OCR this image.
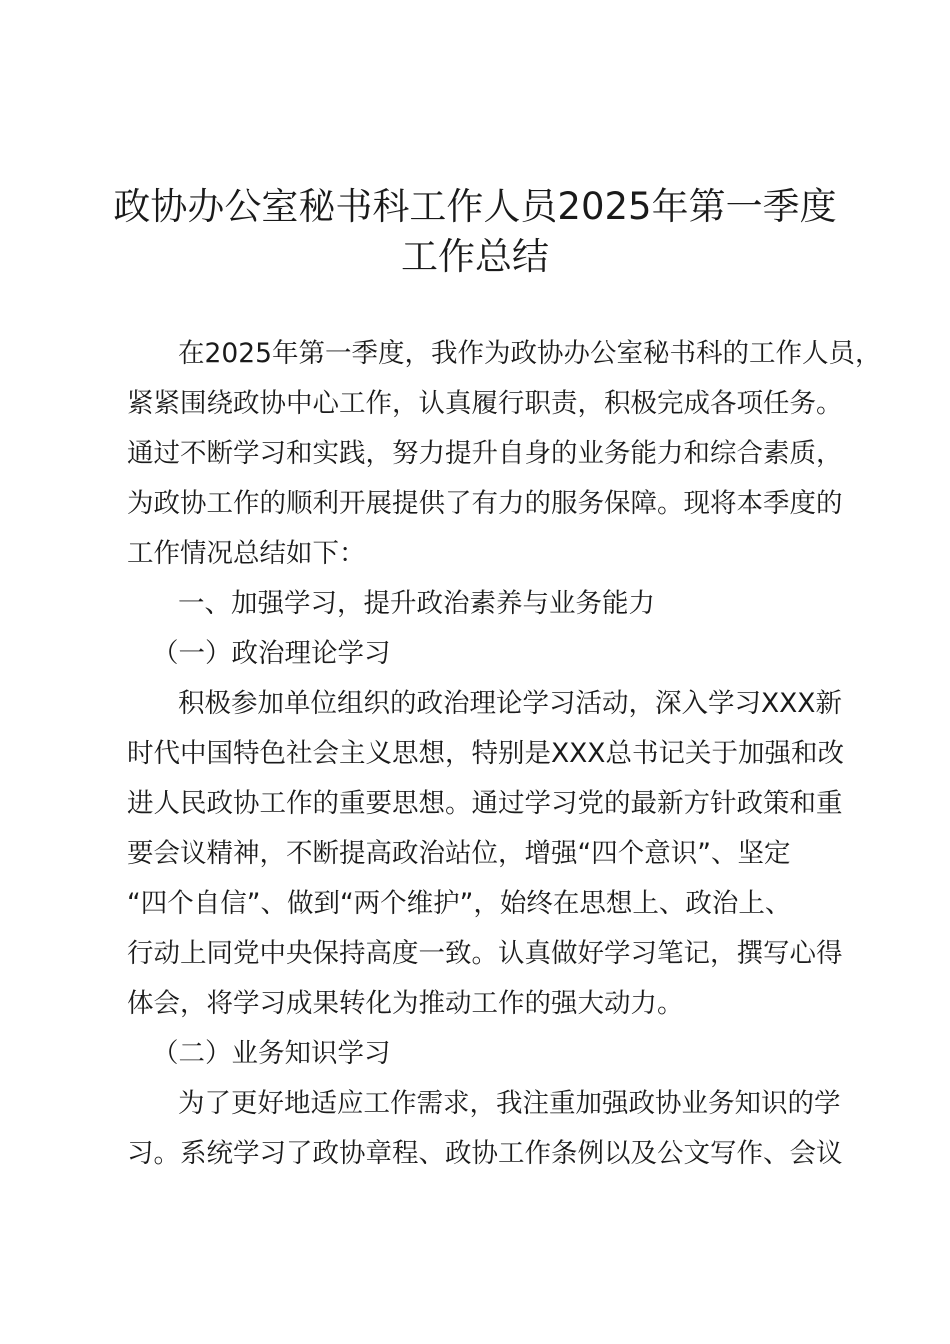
政协办公室秘书科工作人员2025年第一季度
工作总结

在2025年第一季度，我作为政协办公室秘书科的工作人员，

紧紧围绕政协中心工作，认真履行职责，积极完成各项任务。

通过不断学习和实践，努力提升自身的业务能力和综合素质，

为政协工作的顺利开展提供了有力的服务保障。现将本季度的

工作情况总结如下：

一、加强学习，提升政治素养与业务能力

（一）政治理论学习

积极参加单位组织的政治理论学习活动，深入学习XXX新

时代中国特色社会主义思想，特别是XXX总书记关于加强和改

进人民政协工作的重要思想。通过学习党的最新方针政策和重

要会议精神，不断提高政治站位，增强“四个意识”、坚定

“四个自信”、做到“两个维护”，始终在思想上、政治上、

行动上同党中央保持高度一致。认真做好学习笔记，撰写心得

体会，将学习成果转化为推动工作的强大动力。

（二）业务知识学习

为了更好地适应工作需求，我注重加强政协业务知识的学

习。系统学习了政协章程、政协工作条例以及公文写作、会议
